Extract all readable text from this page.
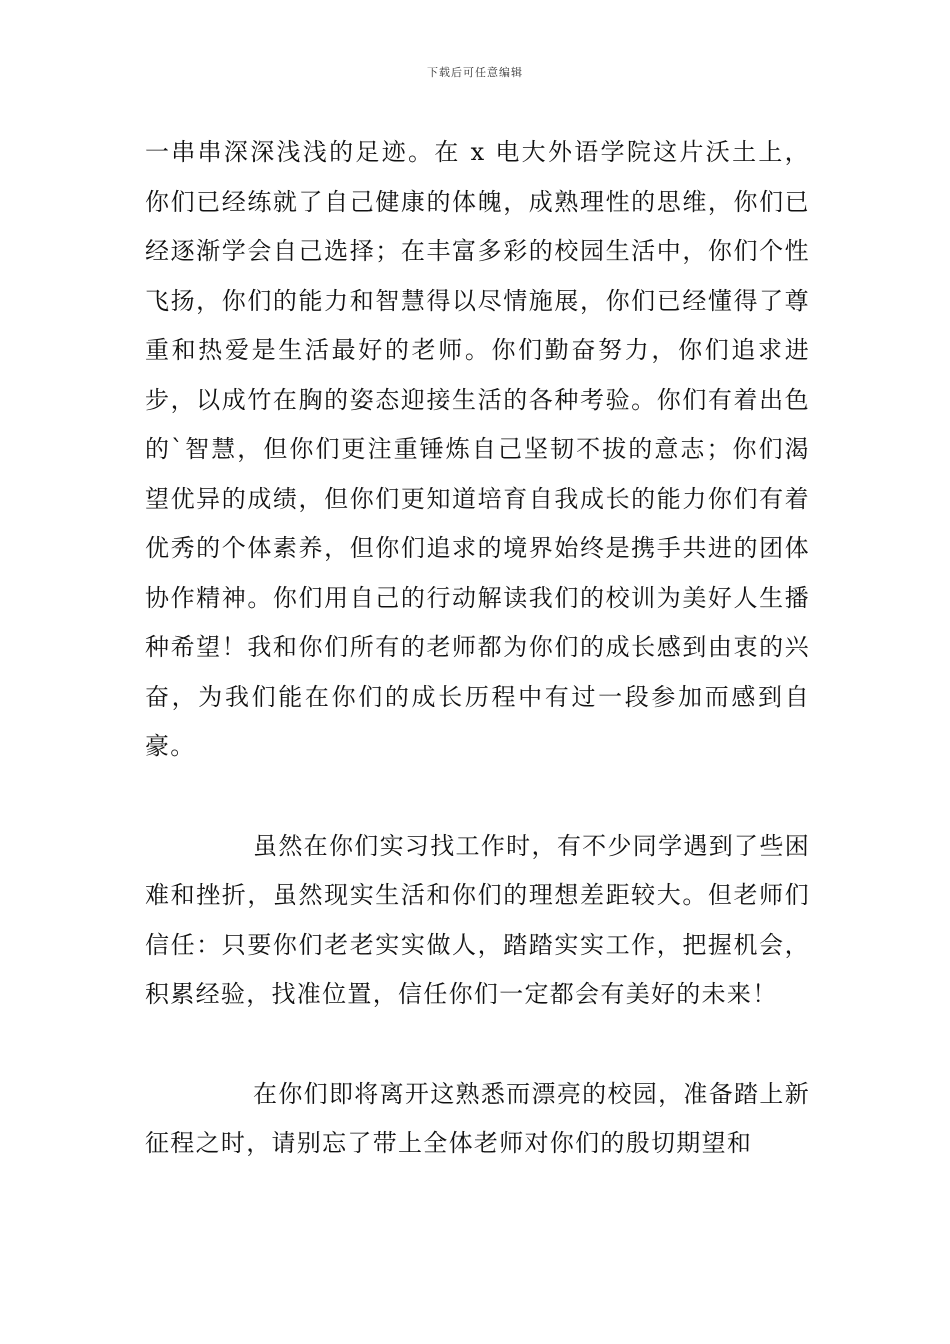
下载后可任意编辑

一串串深深浅浅的足迹。在 x 电大外语学院这片沃土上，你们已经练就了自己健康的体魄，成熟理性的思维，你们已经逐渐学会自己选择；在丰富多彩的校园生活中，你们个性飞扬，你们的能力和智慧得以尽情施展，你们已经懂得了尊重和热爱是生活最好的老师。你们勤奋努力，你们追求进步，以成竹在胸的姿态迎接生活的各种考验。你们有着出色的`智慧，但你们更注重锤炼自己坚韧不拔的意志；你们渴望优异的成绩，但你们更知道培育自我成长的能力你们有着优秀的个体素养，但你们追求的境界始终是携手共进的团体协作精神。你们用自己的行动解读我们的校训为美好人生播种希望！我和你们所有的老师都为你们的成长感到由衷的兴奋，为我们能在你们的成长历程中有过一段参加而感到自豪。

虽然在你们实习找工作时，有不少同学遇到了些困难和挫折，虽然现实生活和你们的理想差距较大。但老师们信任：只要你们老老实实做人，踏踏实实工作，把握机会，积累经验，找准位置，信任你们一定都会有美好的未来！

在你们即将离开这熟悉而漂亮的校园，准备踏上新征程之时，请别忘了带上全体老师对你们的殷切期望和
